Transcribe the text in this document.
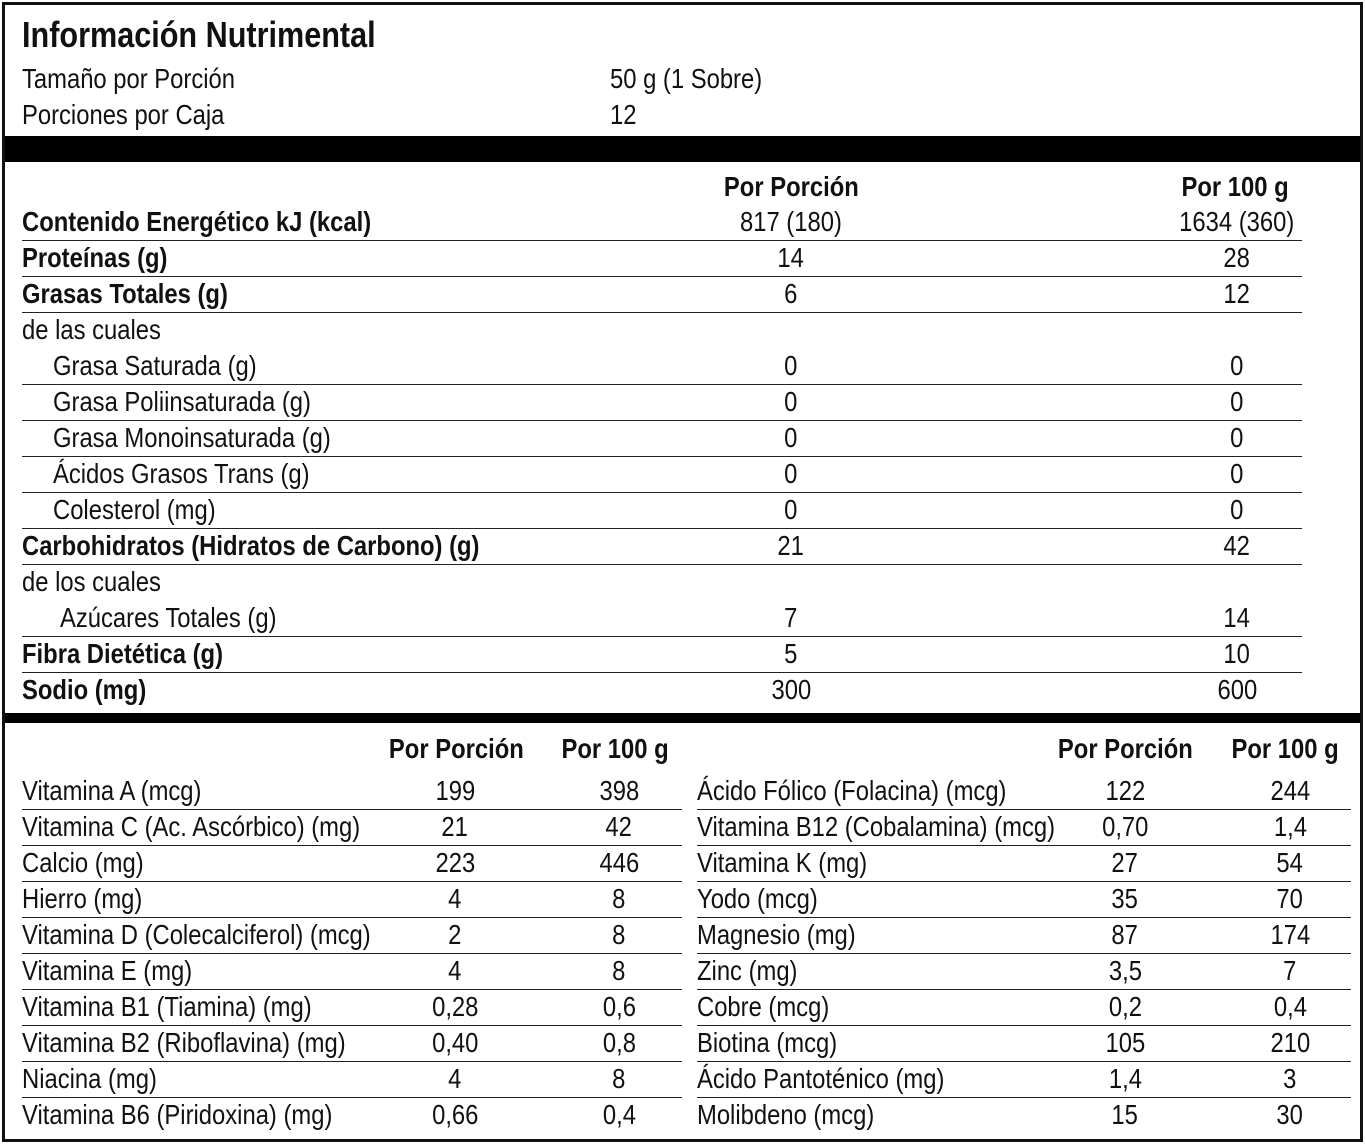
Información Nutrimental
Tamaño por Porción	50 g (1 Sobre)
Porciones por Caja	12
Por Porción	Por 100 g
Contenido Energético kJ (kcal)	817 (180)	1634 (360)
Proteínas (g)	14	28
Grasas Totales (g)	6	12
de las cuales
Grasa Saturada (g)	0	0
Grasa Poliinsaturada (g)	0	0
Grasa Monoinsaturada (g)	0	0
Ácidos Grasos Trans (g)	0	0
Colesterol (mg)	0	0
Carbohidratos (Hidratos de Carbono) (g)	21	42
de los cuales
Azúcares Totales (g)	7	14
Fibra Dietética (g)	5	10
Sodio (mg)	300	600
Por Porción	Por 100 g	Por Porción	Por 100 g
Vitamina A (mcg)	199	398
Vitamina C (Ac. Ascórbico) (mg)	21	42
Calcio (mg)	223	446
Hierro (mg)	4	8
Vitamina D (Colecalciferol) (mcg)	2	8
Vitamina E (mg)	4	8
Vitamina B1 (Tiamina) (mg)	0,28	0,6
Vitamina B2 (Riboflavina) (mg)	0,40	0,8
Niacina (mg)	4	8
Vitamina B6 (Piridoxina) (mg)	0,66	0,4
Ácido Fólico (Folacina) (mcg)	122	244
Vitamina B12 (Cobalamina) (mcg)	0,70	1,4
Vitamina K (mg)	27	54
Yodo (mcg)	35	70
Magnesio (mg)	87	174
Zinc (mg)	3,5	7
Cobre (mcg)	0,2	0,4
Biotina (mcg)	105	210
Ácido Pantoténico (mg)	1,4	3
Molibdeno (mcg)	15	30
